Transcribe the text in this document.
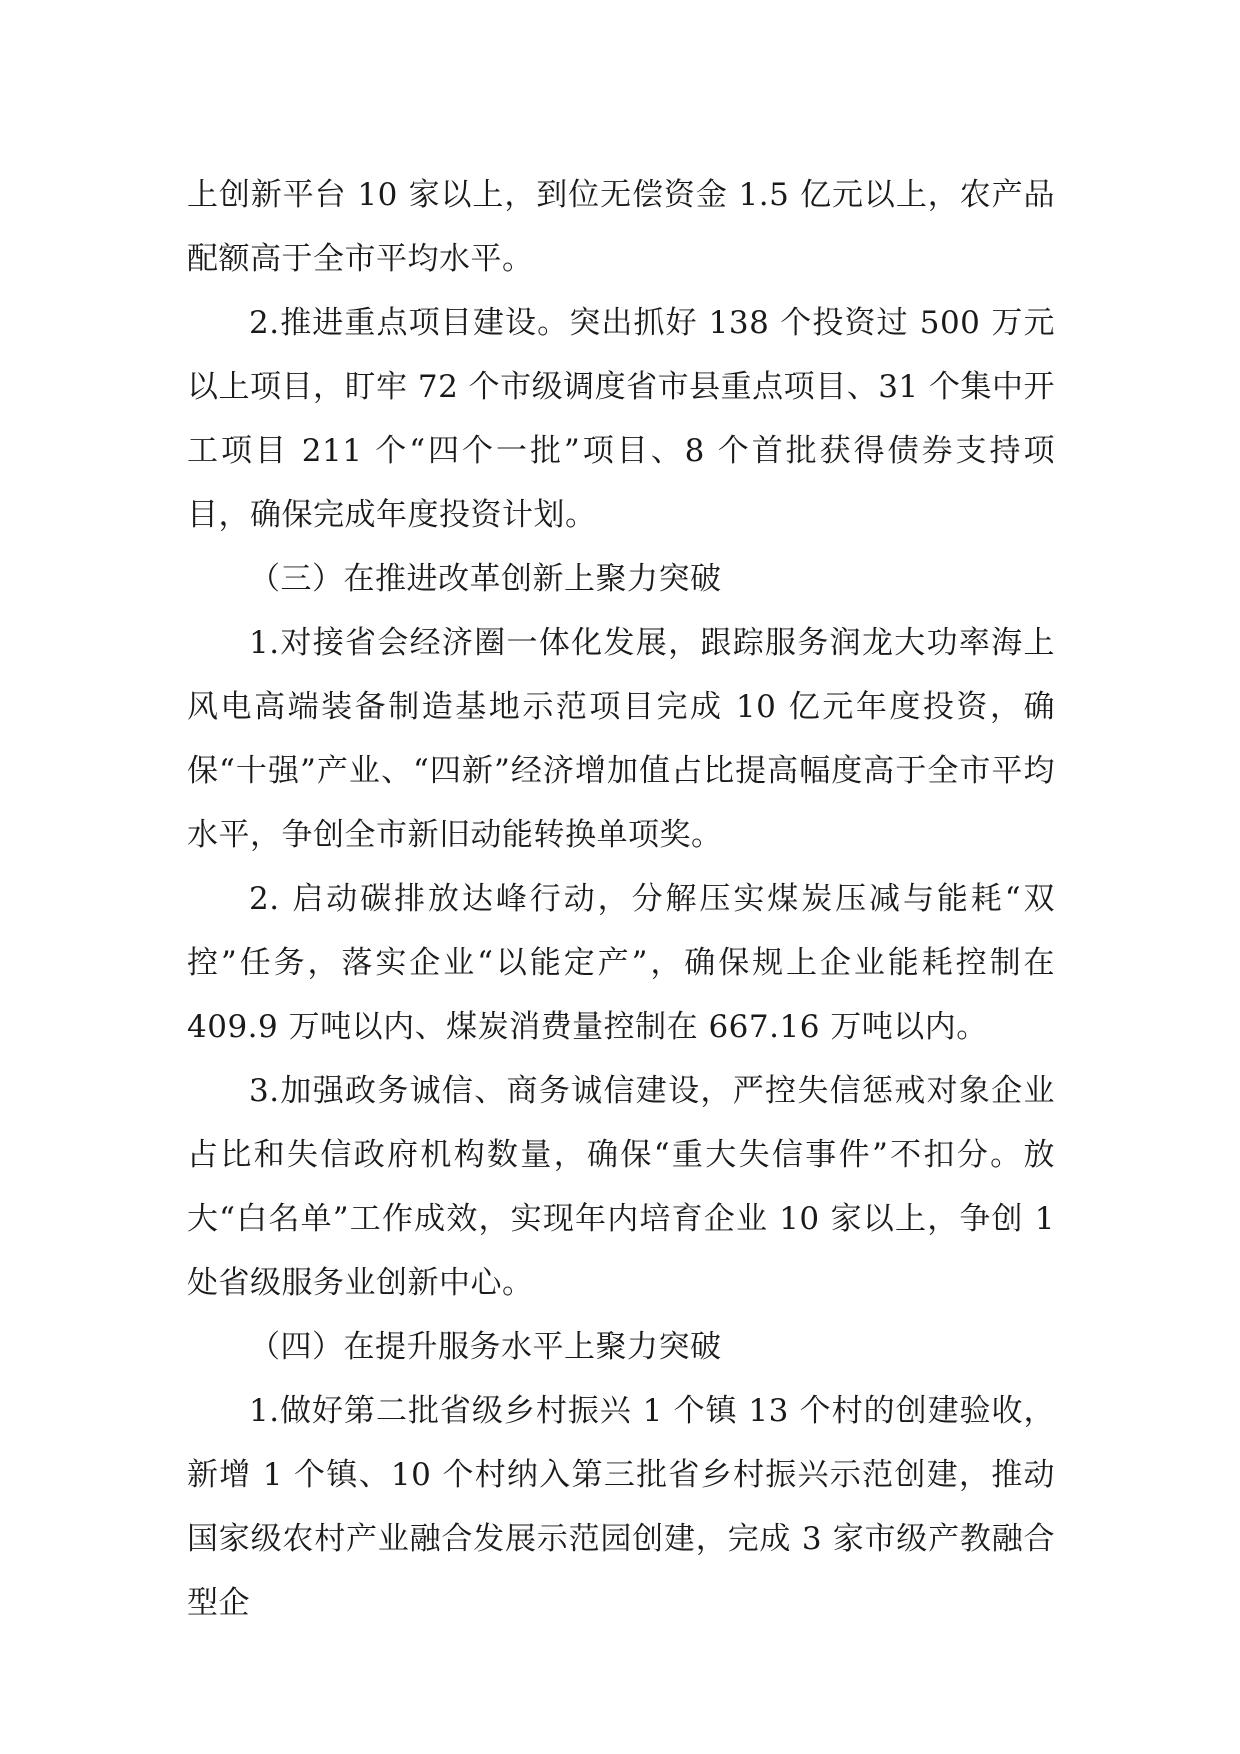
上创新平台 10 家以上，到位无偿资金 1.5 亿元以上，农产品配额高于全市平均水平。

2.推进重点项目建设。突出抓好 138 个投资过 500 万元以上项目，盯牢 72 个市级调度省市县重点项目、31 个集中开工项目 211 个“四个一批”项目、8 个首批获得债券支持项目，确保完成年度投资计划。

（三）在推进改革创新上聚力突破

1.对接省会经济圈一体化发展，跟踪服务润龙大功率海上风电高端装备制造基地示范项目完成 10 亿元年度投资，确保“十强”产业、“四新”经济增加值占比提高幅度高于全市平均水平，争创全市新旧动能转换单项奖。

2. 启动碳排放达峰行动，分解压实煤炭压减与能耗“双控”任务，落实企业“以能定产”，确保规上企业能耗控制在 409.9 万吨以内、煤炭消费量控制在 667.16 万吨以内。

3.加强政务诚信、商务诚信建设，严控失信惩戒对象企业占比和失信政府机构数量，确保“重大失信事件”不扣分。放大“白名单”工作成效，实现年内培育企业 10 家以上，争创 1 处省级服务业创新中心。

（四）在提升服务水平上聚力突破

1.做好第二批省级乡村振兴 1 个镇 13 个村的创建验收，新增 1 个镇、10 个村纳入第三批省乡村振兴示范创建，推动国家级农村产业融合发展示范园创建，完成 3 家市级产教融合型企
